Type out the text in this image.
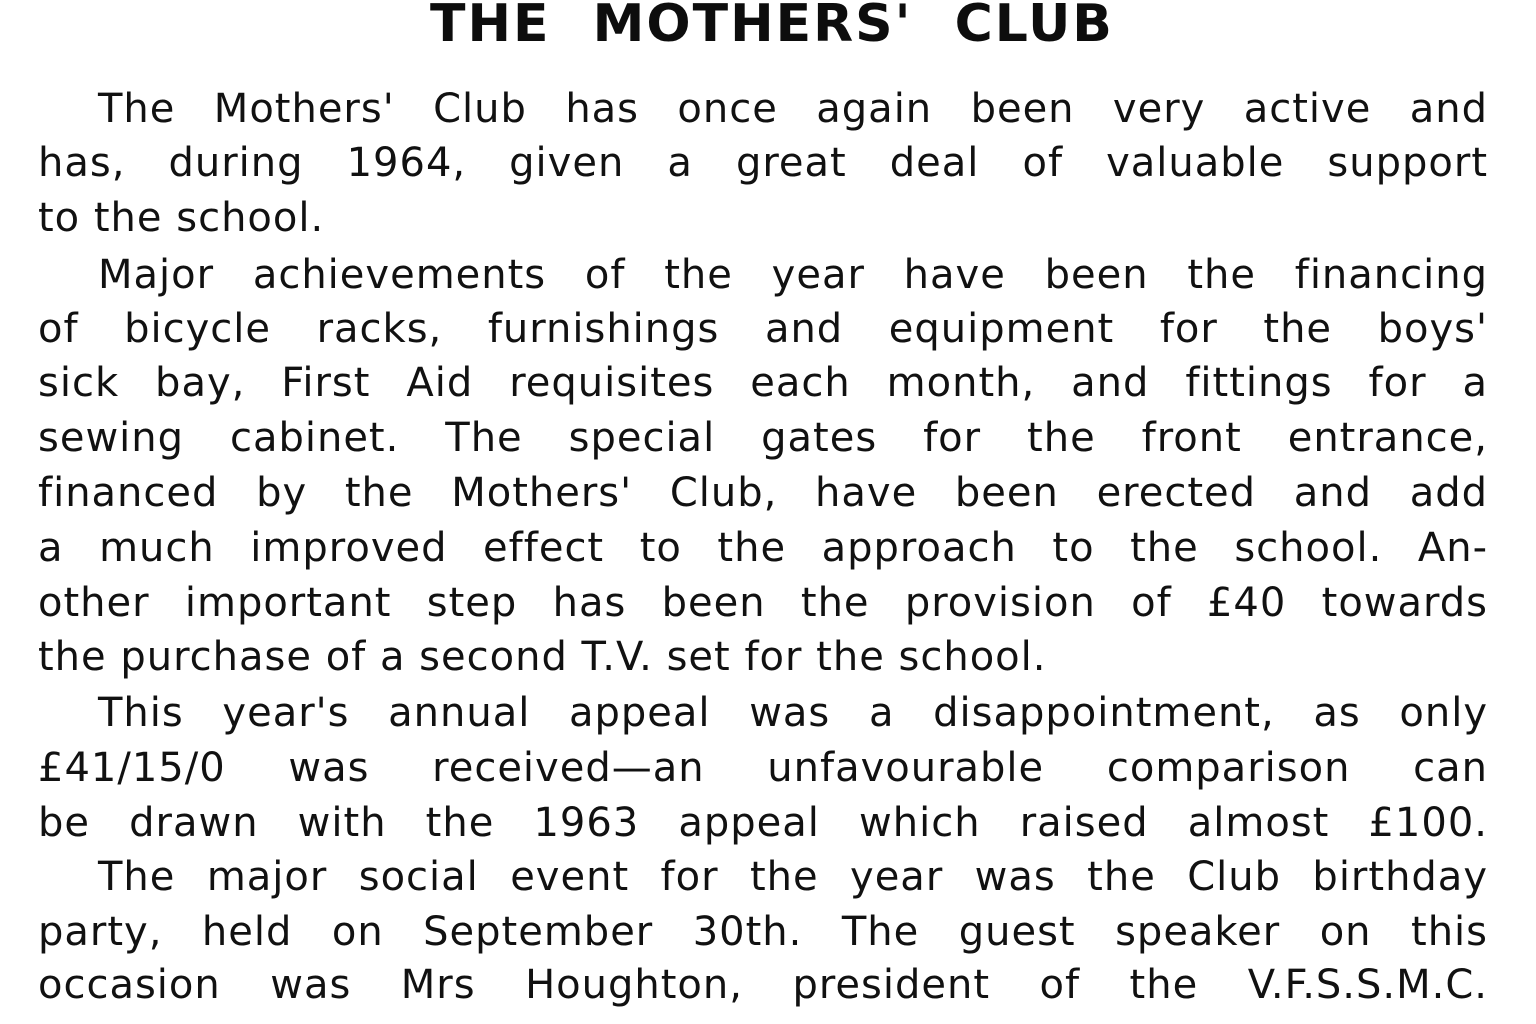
THE MOTHERS' CLUB
The Mothers' Club has once again been very active and
has, during 1964, given a great deal of valuable support
to the school.
Major achievements of the year have been the financing
of bicycle racks, furnishings and equipment for the boys'
sick bay, First Aid requisites each month, and fittings for a
sewing cabinet. The special gates for the front entrance,
financed by the Mothers' Club, have been erected and add
a much improved effect to the approach to the school. An-
other important step has been the provision of £40 towards
the purchase of a second T.V. set for the school.
This year's annual appeal was a disappointment, as only
£41/15/0 was received—an unfavourable comparison can
be drawn with the 1963 appeal which raised almost £100.
The major social event for the year was the Club birthday
party, held on September 30th. The guest speaker on this
occasion was Mrs Houghton, president of the V.F.S.S.M.C.
